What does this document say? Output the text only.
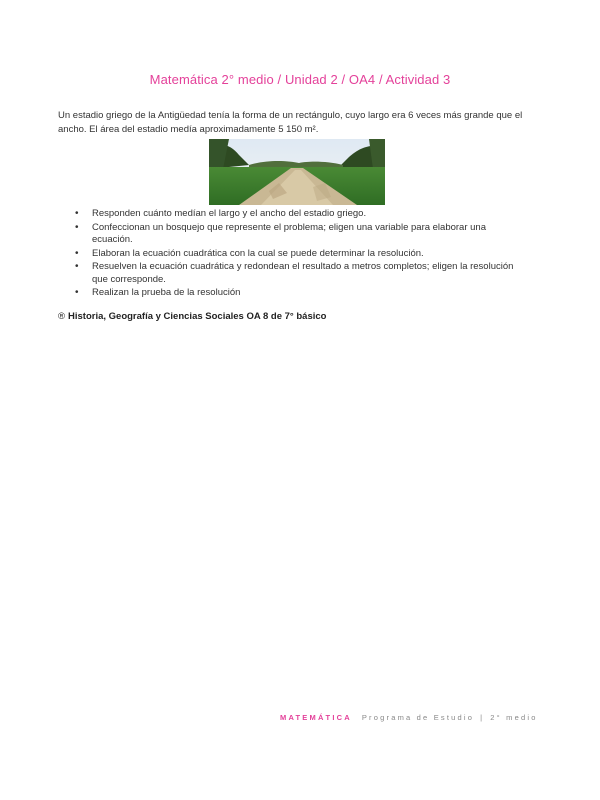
Matemática 2° medio / Unidad 2 / OA4 / Actividad 3

Un estadio griego de la Antigüedad tenía la forma de un rectángulo, cuyo largo era 6 veces más grande que el ancho. El área del estadio medía aproximadamente 5 150 m².

• Responden cuánto medían el largo y el ancho del estadio griego.
• Confeccionan un bosquejo que represente el problema; eligen una variable para elaborar una ecuación.
• Elaboran la ecuación cuadrática con la cual se puede determinar la resolución.
• Resuelven la ecuación cuadrática y redondean el resultado a metros completos; eligen la resolución que corresponde.
• Realizan la prueba de la resolución
® Historia, Geografía y Ciencias Sociales OA 8 de 7° básico
MATEMÁTICA Programa de Estudio | 2° medio
